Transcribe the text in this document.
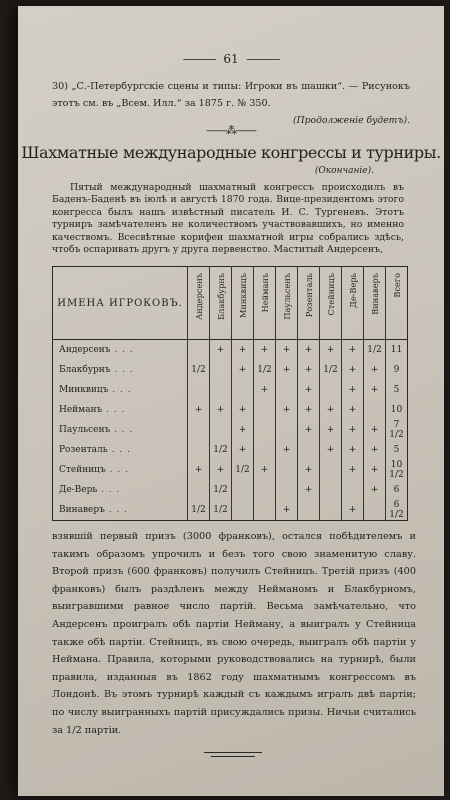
——— 61 ———
30) „С.-Петербургскіе сцены и типы: Игроки въ шашки“. — Рисунокъ этотъ см. въ „Всем. Илл.“ за 1875 г. № 350.
(Продолженіе будетъ).
——⁂——
Шахматные международные конгрессы и турниры.
(Окончаніе).
Пятый международный шахматный конгрессъ происходилъ въ Баденъ-Баденѣ въ іюлѣ и августѣ 1870 года. Вице-президентомъ этого конгресса былъ нашъ извѣстный писатель И. С. Тургеневъ. Этотъ турниръ замѣчателенъ не количествомъ участвовавшихъ, но именно качествомъ. Всесвѣтные корифеи шахматной игры собрались здѣсь, чтобъ оспаривать другъ у друга первенство. Маститый Андерсенъ,
ИМЕНА ИГРОКОВЪ.	Андерсенъ	Блакбурнъ	Минквицъ	Нейманъ	Паульсенъ	Розенталь	Стейницъ	Де-Верь	Винаверъ	Всего

Андерсенъ . . .		+	+	+	+	+	+	+	1/2	11
Блакбурнъ . . .	1/2		+	1/2	+	+	1/2	+	+	9
Минквицъ . . .				+		+		+	+	5
Нейманъ . . .	+	+	+		+	+	+	+		10
Паульсенъ . . .			+			+	+	+	+	7 1/2
Розенталь . . .		1/2	+		+		+	+	+	5
Стейницъ . . .	+	+	1/2	+		+		+	+	10 1/2
Де-Верь . . .		1/2				+			+	6
Винаверъ . . .	1/2	1/2			+			+		6 1/2
взявшій первый призъ (3000 франковъ), остался побѣдителемъ и такимъ образомъ упрочилъ и безъ того свою знаменитую славу. Второй призъ (600 франковъ) получилъ Стейницъ. Третій призъ (400 франковъ) былъ раздѣленъ между Нейманомъ и Блакбурномъ, выигравшими равное число партій. Весьма замѣчательно, что Андерсенъ проигралъ обѣ партіи Нейману, а выигралъ у Стейница также обѣ партіи. Стейницъ, въ свою очередь, выигралъ обѣ партіи у Неймана. Правила, которыми руководствовались на турнирѣ, были правила, изданныя въ 1862 году шахматнымъ конгрессомъ въ Лондонѣ. Въ этомъ турнирѣ каждый съ каждымъ игралъ двѣ партіи; по числу выигранныхъ партій присуждались призы. Ничьи считались за 1/2 партіи.
